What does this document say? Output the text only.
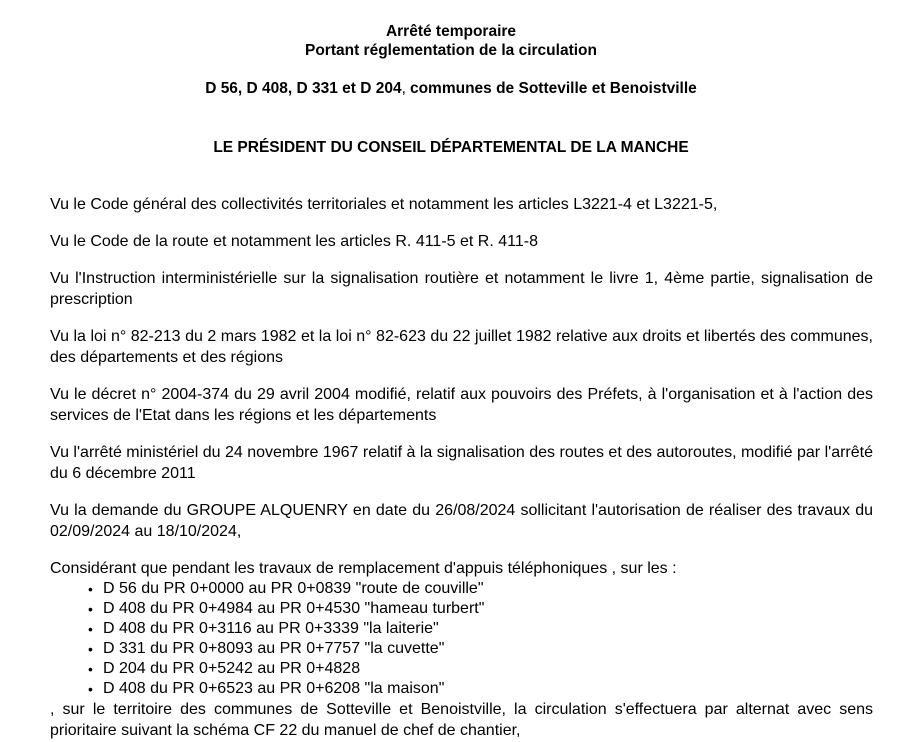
Arrêté temporaire
Portant réglementation de la circulation
D 56, D 408, D 331 et D 204, communes de Sotteville et Benoistville
LE PRÉSIDENT DU CONSEIL DÉPARTEMENTAL DE LA MANCHE

Vu le Code général des collectivités territoriales et notamment les articles L3221-4 et L3221-5,

Vu le Code de la route et notamment les articles R. 411-5 et R. 411-8

Vu l'Instruction interministérielle sur la signalisation routière et notamment le livre 1, 4ème partie, signalisation de prescription

Vu la loi n° 82-213 du 2 mars 1982 et la loi n° 82-623 du 22 juillet 1982 relative aux droits et libertés des communes, des départements et des régions

Vu le décret n° 2004-374 du 29 avril 2004 modifié, relatif aux pouvoirs des Préfets, à l'organisation et à l'action des services de l'Etat dans les régions et les départements

Vu l'arrêté ministériel du 24 novembre 1967 relatif à la signalisation des routes et des autoroutes, modifié par l'arrêté du 6 décembre 2011

Vu la demande du GROUPE ALQUENRY en date du 26/08/2024 sollicitant l'autorisation de réaliser des travaux du 02/09/2024 au 18/10/2024,

Considérant que pendant les travaux de remplacement d'appuis téléphoniques , sur les :

• D 56 du PR 0+0000 au PR 0+0839 "route de couville"
• D 408 du PR 0+4984 au PR 0+4530 "hameau turbert"
• D 408 du PR 0+3116 au PR 0+3339 "la laiterie"
• D 331 du PR 0+8093 au PR 0+7757 "la cuvette"
• D 204 du PR 0+5242 au PR 0+4828
• D 408 du PR 0+6523 au PR 0+6208 "la maison"

, sur le territoire des communes de Sotteville et Benoistville, la circulation s'effectuera par alternat avec sens prioritaire suivant la schéma CF 22 du manuel de chef de chantier,
